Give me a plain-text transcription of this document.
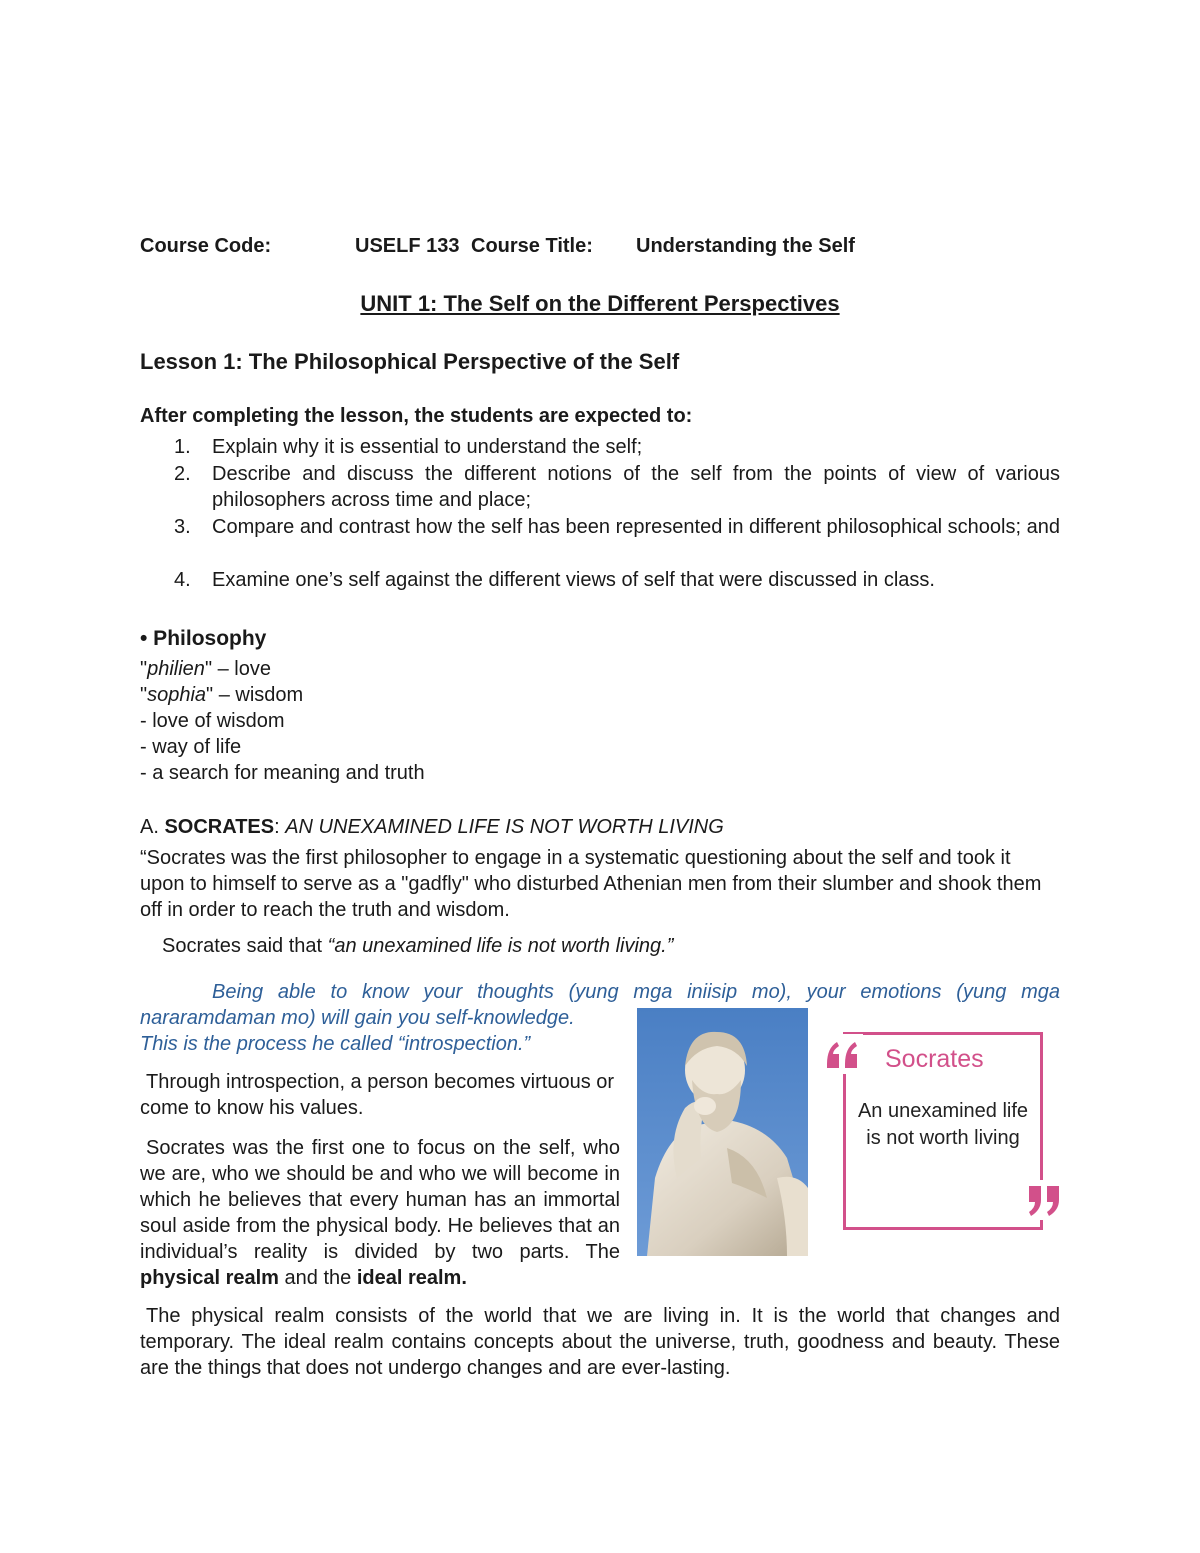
Course Code:	USELF 133 Course Title: Understanding the Self
UNIT 1: The Self on the Different Perspectives
Lesson 1: The Philosophical Perspective of the Self
After completing the lesson, the students are expected to:
1. Explain why it is essential to understand the self;
2. Describe and discuss the different notions of the self from the points of view of various philosophers across time and place;
3. Compare and contrast how the self has been represented in different philosophical schools; and
4. Examine one’s self against the different views of self that were discussed in class.
• Philosophy
"philien" – love
"sophia" – wisdom
- love of wisdom
- way of life
- a search for meaning and truth
A. SOCRATES: AN UNEXAMINED LIFE IS NOT WORTH LIVING
“Socrates was the first philosopher to engage in a systematic questioning about the self and took it upon to himself to serve as a "gadfly" who disturbed Athenian men from their slumber and shook them off in order to reach the truth and wisdom.
Socrates said that “an unexamined life is not worth living.”
Being able to know your thoughts (yung mga iniisip mo), your emotions (yung mga
nararamdaman mo) will gain you self-knowledge.
This is the process he called “introspection.”
Through introspection, a person becomes virtuous or come to know his values.
Socrates was the first one to focus on the self, who we are, who we should be and who we will become in which he believes that every human has an immortal soul aside from the physical body. He believes that an individual’s reality is divided by two parts. The physical realm and the ideal realm.
The physical realm consists of the world that we are living in. It is the world that changes and temporary. The ideal realm contains concepts about the universe, truth, goodness and beauty. These are the things that does not undergo changes and are ever-lasting.
Socrates
An unexamined life is not worth living
